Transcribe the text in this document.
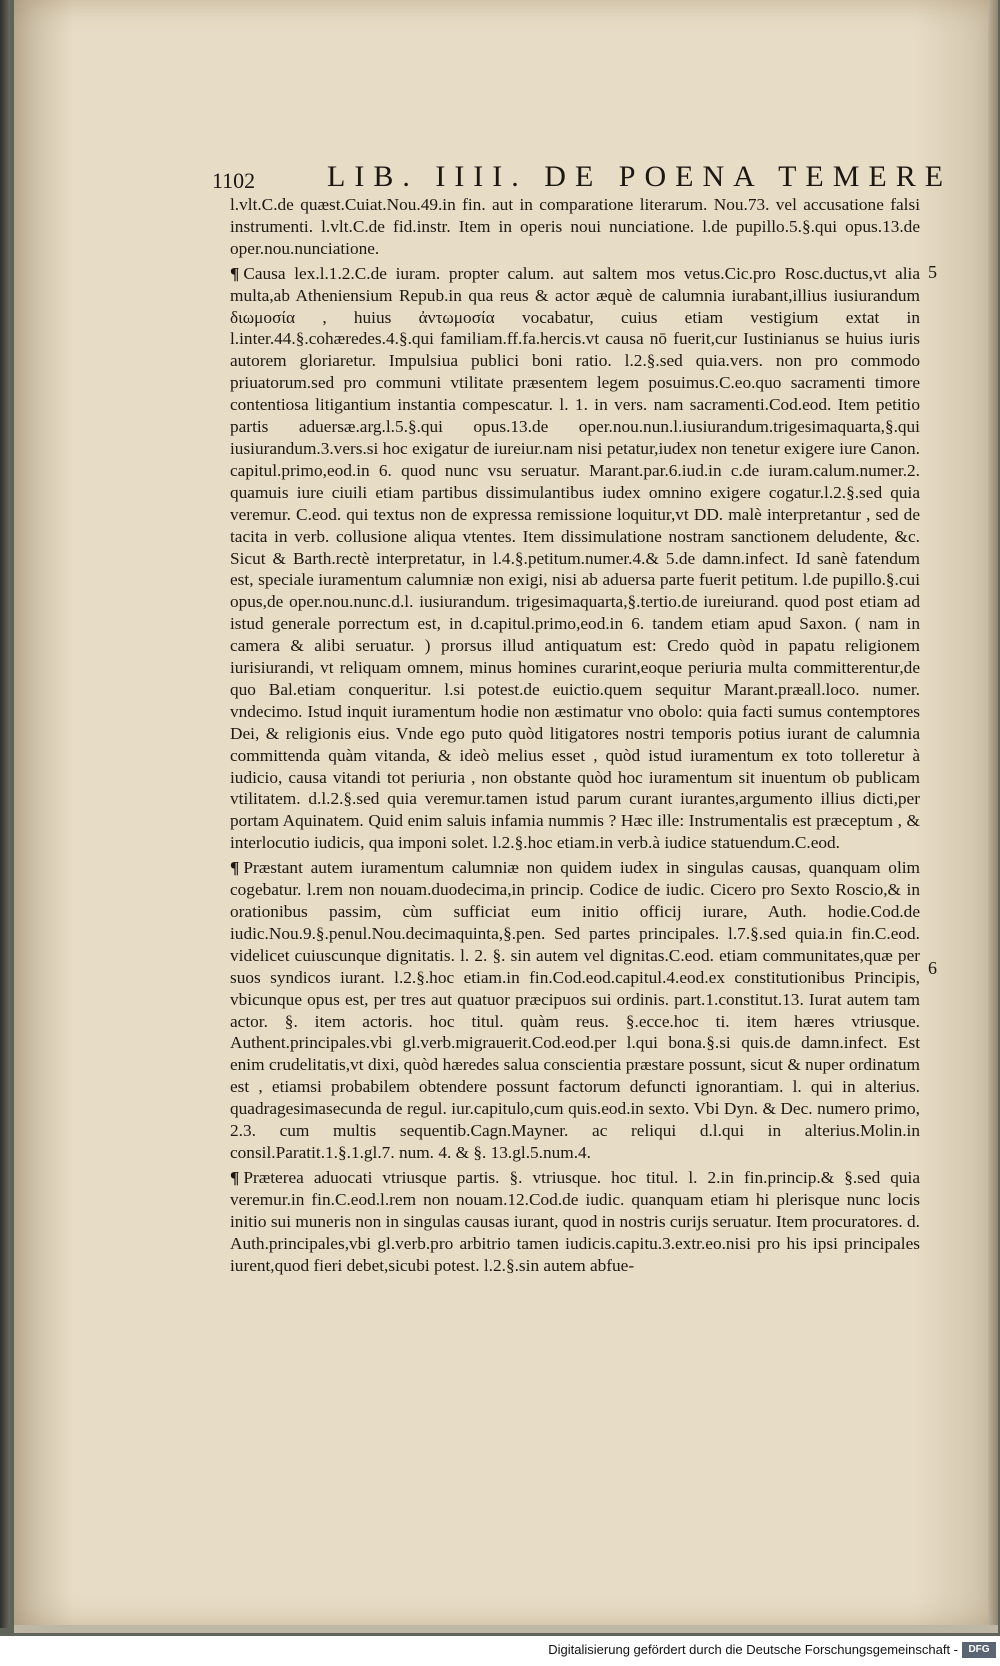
1102 LIB. IIII. DE POENA TEMERE

l.vlt.C.de quæst.Cuiat.Nou.49.in fin. aut in comparatione literarum. Nou.73. vel accusatione falsi instrumenti. l.vlt.C.de fid.instr. Item in operis noui nunciatione. l.de pupillo.5.§.qui opus.13.de oper.nou.nunciatione.

¶ Causa lex.l.1.2.C.de iuram. propter calum. aut saltem mos vetus.Cic.pro Rosc.ductus,vt alia multa,ab Atheniensium Repub.in qua reus & actor æquè de calumnia iurabant,illius iusiurandum διωμοσία , huius ἀντωμοσία vocabatur, cuius etiam vestigium extat in l.inter.44.§.cohæredes.4.§.qui familiam.ff.fa.hercis.vt causa nō fuerit,cur Iustinianus se huius iuris autorem gloriaretur. Impulsiua publici boni ratio. l.2.§.sed quia.vers. non pro commodo priuatorum.sed pro communi vtilitate præsentem legem posuimus.C.eo.quo sacramenti timore contentiosa litigantium instantia compescatur. l. 1. in vers. nam sacramenti.Cod.eod. Item petitio partis aduersæ.arg.l.5.§.qui opus.13.de oper.nou.nun.l.iusiurandum.trigesimaquarta,§.qui iusiurandum.3.vers.si hoc exigatur de iureiur.nam nisi petatur,iudex non tenetur exigere iure Canon. capitul.primo,eod.in 6. quod nunc vsu seruatur. Marant.par.6.iud.in c.de iuram.calum.numer.2. quamuis iure ciuili etiam partibus dissimulantibus iudex omnino exigere cogatur.l.2.§.sed quia veremur. C.eod. qui textus non de expressa remissione loquitur,vt DD. malè interpretantur , sed de tacita in verb. collusione aliqua vtentes. Item dissimulatione nostram sanctionem deludente, &c. Sicut & Barth.rectè interpretatur, in l.4.§.petitum.numer.4.& 5.de damn.infect. Id sanè fatendum est, speciale iuramentum calumniæ non exigi, nisi ab aduersa parte fuerit petitum. l.de pupillo.§.cui opus,de oper.nou.nunc.d.l. iusiurandum. trigesimaquarta,§.tertio.de iureiurand. quod post etiam ad istud generale porrectum est, in d.capitul.primo,eod.in 6. tandem etiam apud Saxon. ( nam in camera & alibi seruatur. ) prorsus illud antiquatum est: Credo quòd in papatu religionem iurisiurandi, vt reliquam omnem, minus homines curarint,eoque periuria multa committerentur,de quo Bal.etiam conqueritur. l.si potest.de euictio.quem sequitur Marant.præall.loco. numer. vndecimo. Istud inquit iuramentum hodie non æstimatur vno obolo: quia facti sumus contemptores Dei, & religionis eius. Vnde ego puto quòd litigatores nostri temporis potius iurant de calumnia committenda quàm vitanda, & ideò melius esset , quòd istud iuramentum ex toto tolleretur à iudicio, causa vitandi tot periuria , non obstante quòd hoc iuramentum sit inuentum ob publicam vtilitatem. d.l.2.§.sed quia veremur.tamen istud parum curant iurantes,argumento illius dicti,per portam Aquinatem. Quid enim saluis infamia nummis ? Hæc ille: Instrumentalis est præceptum , & interlocutio iudicis, qua imponi solet. l.2.§.hoc etiam.in verb.à iudice statuendum.C.eod.

¶ Præstant autem iuramentum calumniæ non quidem iudex in singulas causas, quanquam olim cogebatur. l.rem non nouam.duodecima,in princip. Codice de iudic. Cicero pro Sexto Roscio,& in orationibus passim, cùm sufficiat eum initio officij iurare, Auth. hodie.Cod.de iudic.Nou.9.§.penul.Nou.decimaquinta,§.pen. Sed partes principales. l.7.§.sed quia.in fin.C.eod. videlicet cuiuscunque dignitatis. l. 2. §. sin autem vel dignitas.C.eod. etiam communitates,quæ per suos syndicos iurant. l.2.§.hoc etiam.in fin.Cod.eod.capitul.4.eod.ex constitutionibus Principis, vbicunque opus est, per tres aut quatuor præcipuos sui ordinis. part.1.constitut.13. Iurat autem tam actor. §. item actoris. hoc titul. quàm reus. §.ecce.hoc ti. item hæres vtriusque. Authent.principales.vbi gl.verb.migrauerit.Cod.eod.per l.qui bona.§.si quis.de damn.infect. Est enim crudelitatis,vt dixi, quòd hæredes salua conscientia præstare possunt, sicut & nuper ordinatum est , etiamsi probabilem obtendere possunt factorum defuncti ignorantiam. l. qui in alterius. quadragesimasecunda de regul. iur.capitulo,cum quis.eod.in sexto. Vbi Dyn. & Dec. numero primo, 2.3. cum multis sequentib.Cagn.Mayner. ac reliqui d.l.qui in alterius.Molin.in consil.Paratit.1.§.1.gl.7. num. 4. & §. 13.gl.5.num.4.

¶ Præterea aduocati vtriusque partis. §. vtriusque. hoc titul. l. 2.in fin.princip.& §.sed quia veremur.in fin.C.eod.l.rem non nouam.12.Cod.de iudic. quanquam etiam hi plerisque nunc locis initio sui muneris non in singulas causas iurant, quod in nostris curijs seruatur. Item procuratores. d. Auth.principales,vbi gl.verb.pro arbitrio tamen iudicis.capitu.3.extr.eo.nisi pro his ipsi principales iurent,quod fieri debet,sicubi potest. l.2.§.sin autem abfue-

5
6
Digitalisierung gefördert durch die Deutsche Forschungsgemeinschaft -	DFG
